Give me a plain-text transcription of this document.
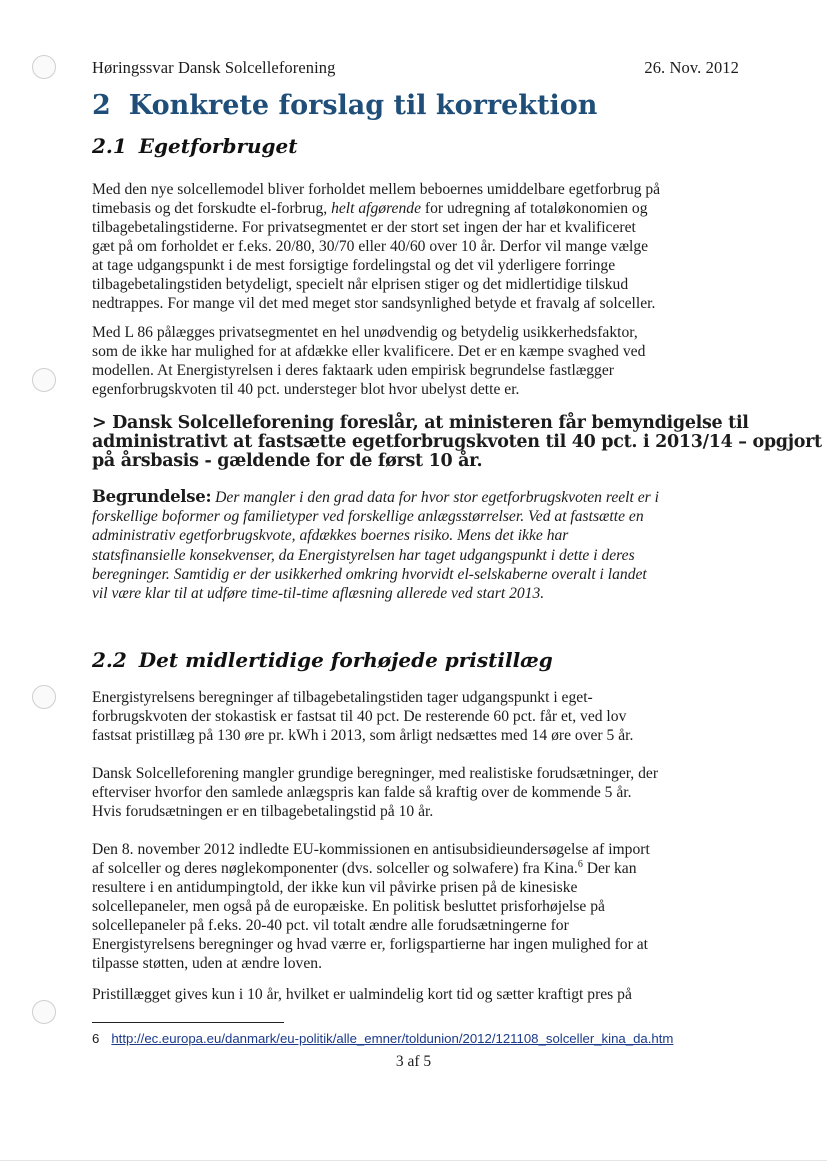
Høringssvar Dansk Solcelleforening	26. Nov. 2012
2 Konkrete forslag til korrektion
2.1 Egetforbruget
Med den nye solcellemodel bliver forholdet mellem beboernes umiddelbare egetforbrug på
timebasis og det forskudte el-forbrug, helt afgørende for udregning af totaløkonomien og
tilbagebetalingstiderne. For privatsegmentet er der stort set ingen der har et kvalificeret
gæt på om forholdet er f.eks. 20/80, 30/70 eller 40/60 over 10 år. Derfor vil mange vælge
at tage udgangspunkt i de mest forsigtige fordelingstal og det vil yderligere forringe
tilbagebetalingstiden betydeligt, specielt når elprisen stiger og det midlertidige tilskud
nedtrappes. For mange vil det med meget stor sandsynlighed betyde et fravalg af solceller.
Med L 86 pålægges privatsegmentet en hel unødvendig og betydelig usikkerhedsfaktor,
som de ikke har mulighed for at afdække eller kvalificere. Det er en kæmpe svaghed ved
modellen. At Energistyrelsen i deres faktaark uden empirisk begrundelse fastlægger
egenforbrugskvoten til 40 pct. understeger blot hvor ubelyst dette er.
> Dansk Solcelleforening foreslår, at ministeren får bemyndigelse til
administrativt at fastsætte egetforbrugskvoten til 40 pct. i 2013/14 – opgjort
på årsbasis - gældende for de først 10 år.
Begrundelse: Der mangler i den grad data for hvor stor egetforbrugskvoten reelt er i
forskellige boformer og familietyper ved forskellige anlægsstørrelser. Ved at fastsætte en
administrativ egetforbrugskvote, afdækkes boernes risiko. Mens det ikke har
statsfinansielle konsekvenser, da Energistyrelsen har taget udgangspunkt i dette i deres
beregninger. Samtidig er der usikkerhed omkring hvorvidt el-selskaberne overalt i landet
vil være klar til at udføre time-til-time aflæsning allerede ved start 2013.
2.2 Det midlertidige forhøjede pristillæg
Energistyrelsens beregninger af tilbagebetalingstiden tager udgangspunkt i eget-
forbrugskvoten der stokastisk er fastsat til 40 pct. De resterende 60 pct. får et, ved lov
fastsat pristillæg på 130 øre pr. kWh i 2013, som årligt nedsættes med 14 øre over 5 år.
Dansk Solcelleforening mangler grundige beregninger, med realistiske forudsætninger, der
efterviser hvorfor den samlede anlægspris kan falde så kraftig over de kommende 5 år.
Hvis forudsætningen er en tilbagebetalingstid på 10 år.
Den 8. november 2012 indledte EU-kommissionen en antisubsidieundersøgelse af import
af solceller og deres nøglekomponenter (dvs. solceller og solwafere) fra Kina.$^6$ Der kan
resultere i en antidumpingtold, der ikke kun vil påvirke prisen på de kinesiske
solcellepaneler, men også på de europæiske. En politisk besluttet prisforhøjelse på
solcellepaneler på f.eks. 20-40 pct. vil totalt ændre alle forudsætningerne for
Energistyrelsens beregninger og hvad værre er, forligspartierne har ingen mulighed for at
tilpasse støtten, uden at ændre loven.
Pristillægget gives kun i 10 år, hvilket er ualmindelig kort tid og sætter kraftigt pres på
6 http://ec.europa.eu/danmark/eu-politik/alle_emner/toldunion/2012/121108_solceller_kina_da.htm
3 af 5
